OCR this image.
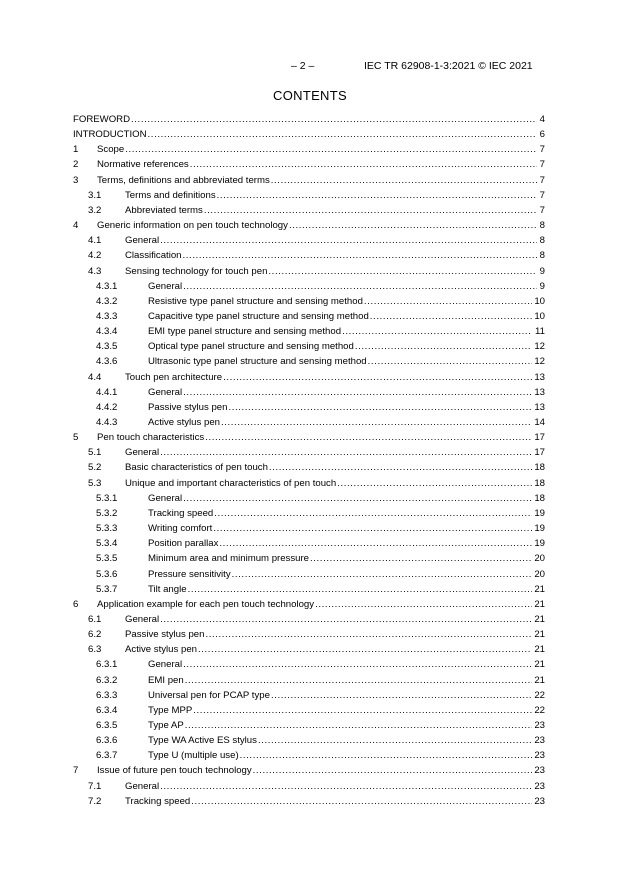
– 2 –	IEC TR 62908-1-3:2021 © IEC 2021
CONTENTS
FOREWORD .....	4
INTRODUCTION .....	6
1 Scope .....	7
2 Normative references .....	7
3 Terms, definitions and abbreviated terms .....	7
3.1 Terms and definitions .....	7
3.2 Abbreviated terms .....	7
4 Generic information on pen touch technology .....	8
4.1 General .....	8
4.2 Classification .....	8
4.3 Sensing technology for touch pen .....	9
4.3.1	General .....	9
4.3.2	Resistive type panel structure and sensing method .....	10
4.3.3	Capacitive type panel structure and sensing method .....	10
4.3.4	EMI type panel structure and sensing method .....	11
4.3.5	Optical type panel structure and sensing method .....	12
4.3.6	Ultrasonic type panel structure and sensing method .....	12
4.4 Touch pen architecture .....	13
4.4.1	General .....	13
4.4.2	Passive stylus pen .....	13
4.4.3	Active stylus pen .....	14
5 Pen touch characteristics .....	17
5.1 General .....	17
5.2 Basic characteristics of pen touch .....	18
5.3 Unique and important characteristics of pen touch .....	18
5.3.1	General .....	18
5.3.2	Tracking speed .....	19
5.3.3	Writing comfort .....	19
5.3.4	Position parallax .....	19
5.3.5	Minimum area and minimum pressure .....	20
5.3.6	Pressure sensitivity .....	20
5.3.7	Tilt angle .....	21
6 Application example for each pen touch technology .....	21
6.1 General .....	21
6.2 Passive stylus pen .....	21
6.3 Active stylus pen .....	21
6.3.1	General .....	21
6.3.2	EMI pen .....	21
6.3.3	Universal pen for PCAP type .....	22
6.3.4	Type MPP .....	22
6.3.5	Type AP .....	23
6.3.6	Type WA Active ES stylus .....	23
6.3.7	Type U (multiple use) .....	23
7 Issue of future pen touch technology .....	23
7.1 General .....	23
7.2 Tracking speed .....	23
